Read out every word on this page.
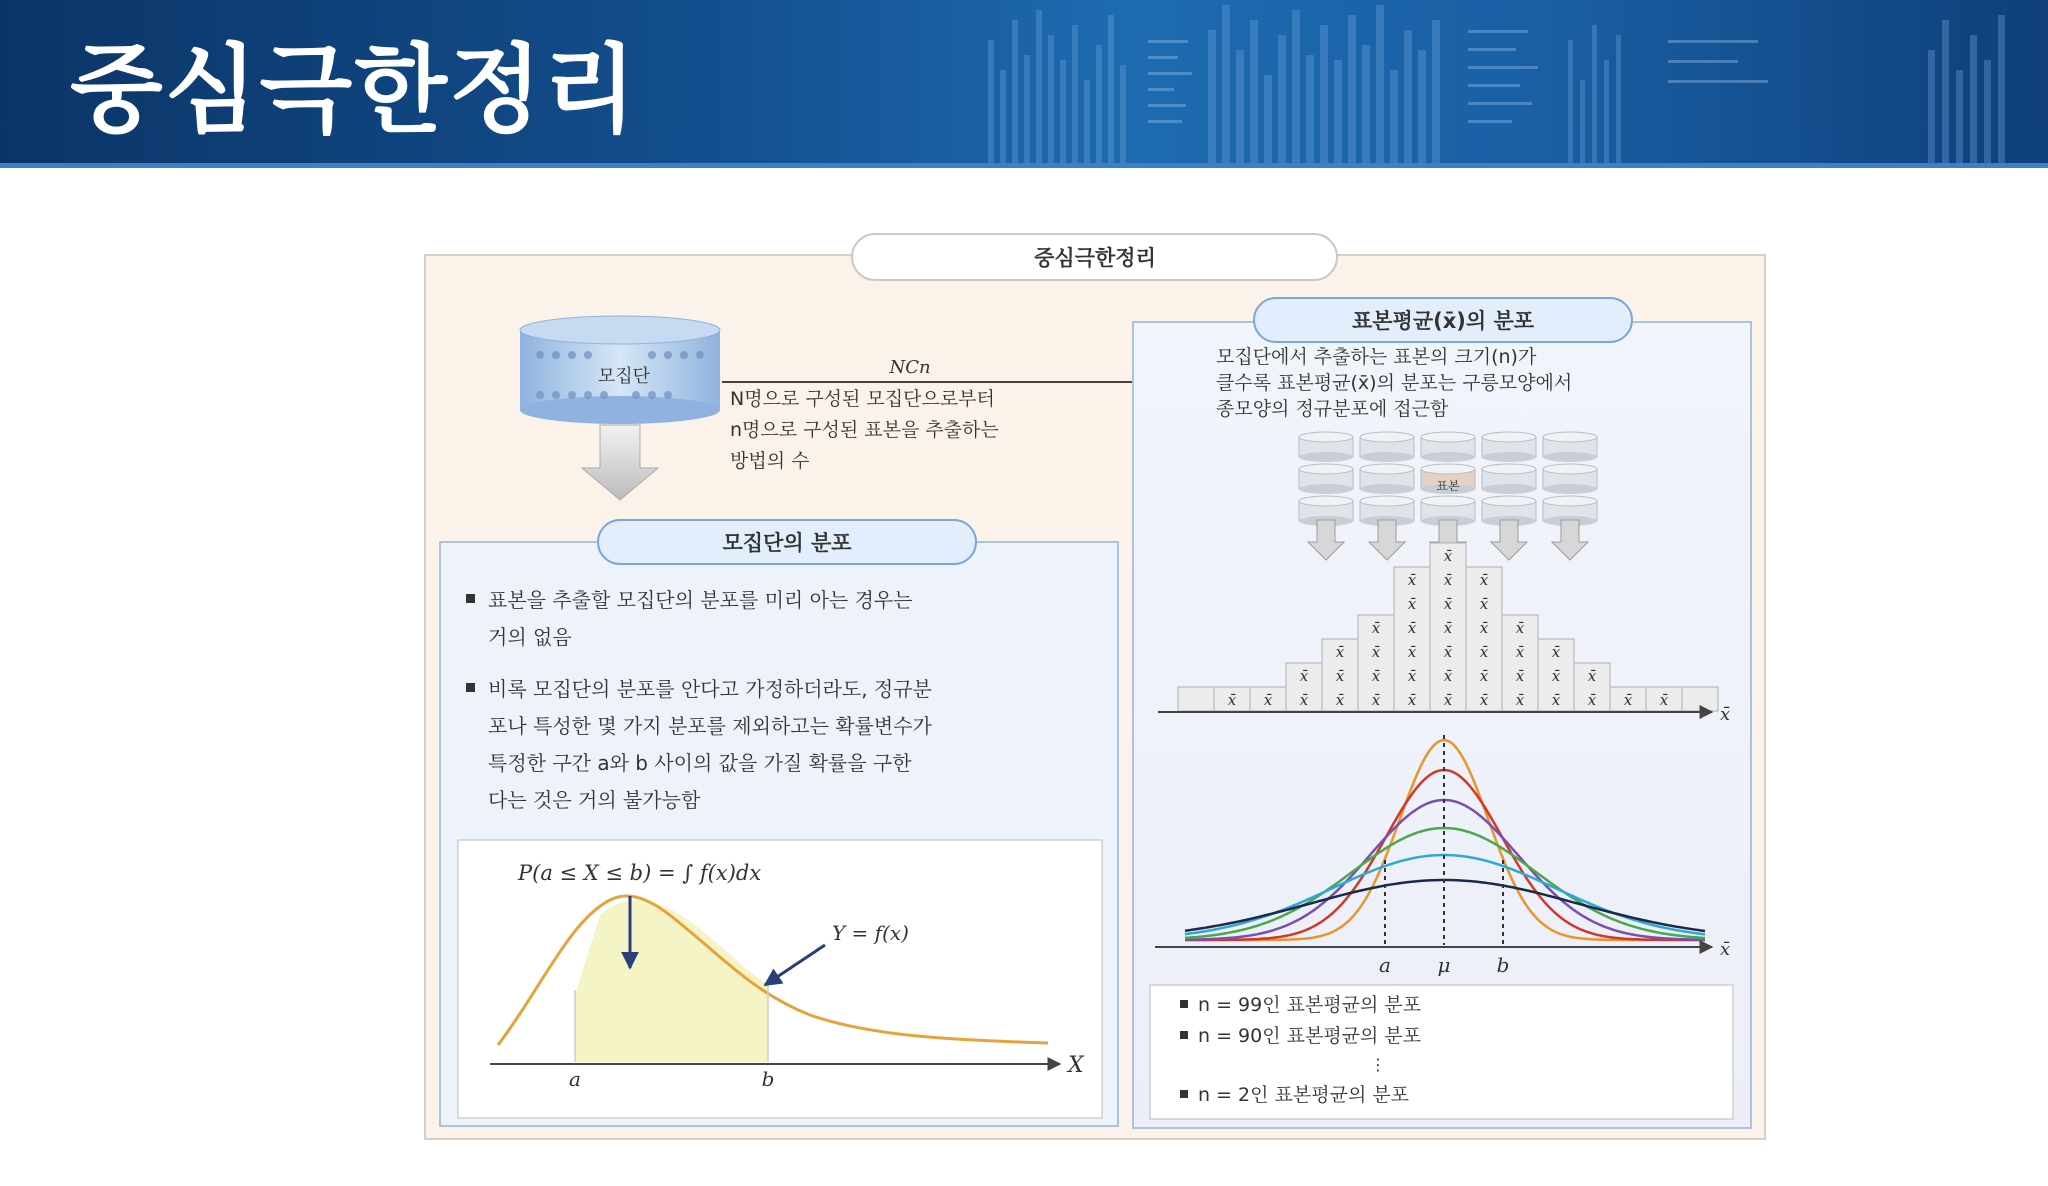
중심극한정리
중심극한정리
모집단	NCn
N명으로 구성된 모집단으로부터
n명으로 구성된 표본을 추출하는
방법의 수
모집단의 분포
표본을 추출할 모집단의 분포를 미리 아는 경우는
거의 없음
비록 모집단의 분포를 안다고 가정하더라도, 정규분
포나 특성한 몇 가지 분포를 제외하고는 확률변수가
특정한 구간 a와 b 사이의 값을 가질 확률을 구한
다는 것은 거의 불가능함
P(a ≤ X ≤ b) = ∫ f(x)dx
Y = f(x)
X
a	b
표본평균(x̄)의 분포
모집단에서 추출하는 표본의 크기(n)가
클수록 표본평균(x̄)의 분포는 구릉모양에서
종모양의 정규분포에 접근함
표본
x̄ x̄ x̄
x̄
x̄
x̄
x̄
x̄
x̄
x̄
x̄
x̄
x̄
x̄
x̄
x̄
x̄
x̄
x̄
x̄
x̄
x̄
x̄
x̄
x̄
x̄
x̄
x̄
x̄
x̄
x̄
x̄
x̄
x̄
x̄
x̄
x̄
x̄
x̄
x̄ x̄
x̄
x̄
a μ b
n = 99인 표본평균의 분포
n = 90인 표본평균의 분포
⋮
n = 2인 표본평균의 분포
